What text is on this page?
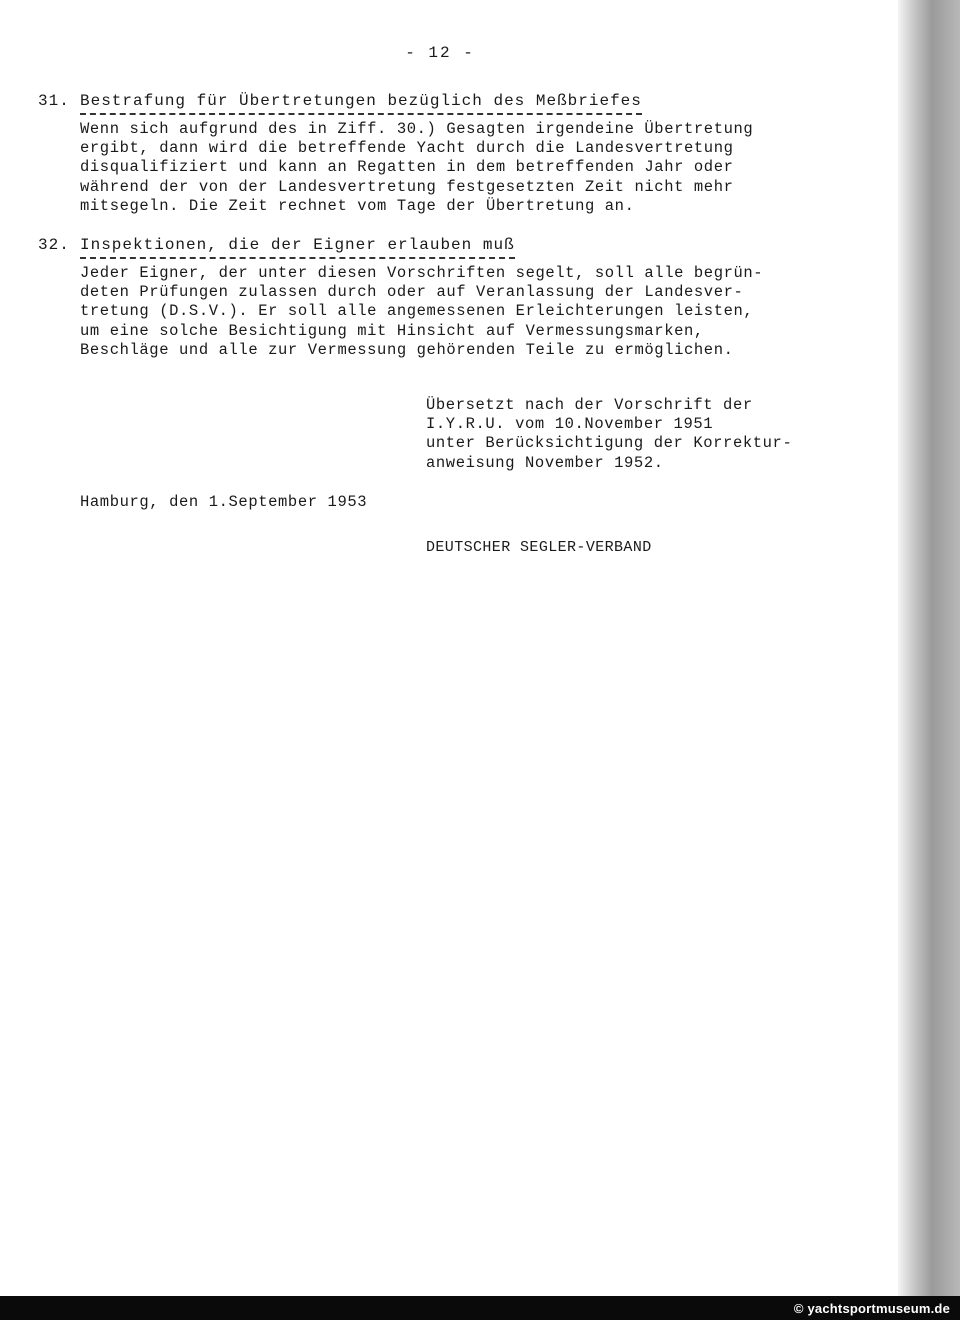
- 12 -
31. Bestrafung für Übertretungen bezüglich des Meßbriefes
Wenn sich aufgrund des in Ziff. 30.) Gesagten irgendeine Übertretung
ergibt, dann wird die betreffende Yacht durch die Landesvertretung
disqualifiziert und kann an Regatten in dem betreffenden Jahr oder
während der von der Landesvertretung festgesetzten Zeit nicht mehr
mitsegeln. Die Zeit rechnet vom Tage der Übertretung an.
32. Inspektionen, die der Eigner erlauben muß
Jeder Eigner, der unter diesen Vorschriften segelt, soll alle begrün-
deten Prüfungen zulassen durch oder auf Veranlassung der Landesver-
tretung (D.S.V.). Er soll alle angemessenen Erleichterungen leisten,
um eine solche Besichtigung mit Hinsicht auf Vermessungsmarken,
Beschläge und alle zur Vermessung gehörenden Teile zu ermöglichen.
Übersetzt nach der Vorschrift der
I.Y.R.U. vom 10.November 1951
unter Berücksichtigung der Korrektur-
anweisung November 1952.
Hamburg, den 1.September 1953
DEUTSCHER SEGLER-VERBAND
© yachtsportmuseum.de
